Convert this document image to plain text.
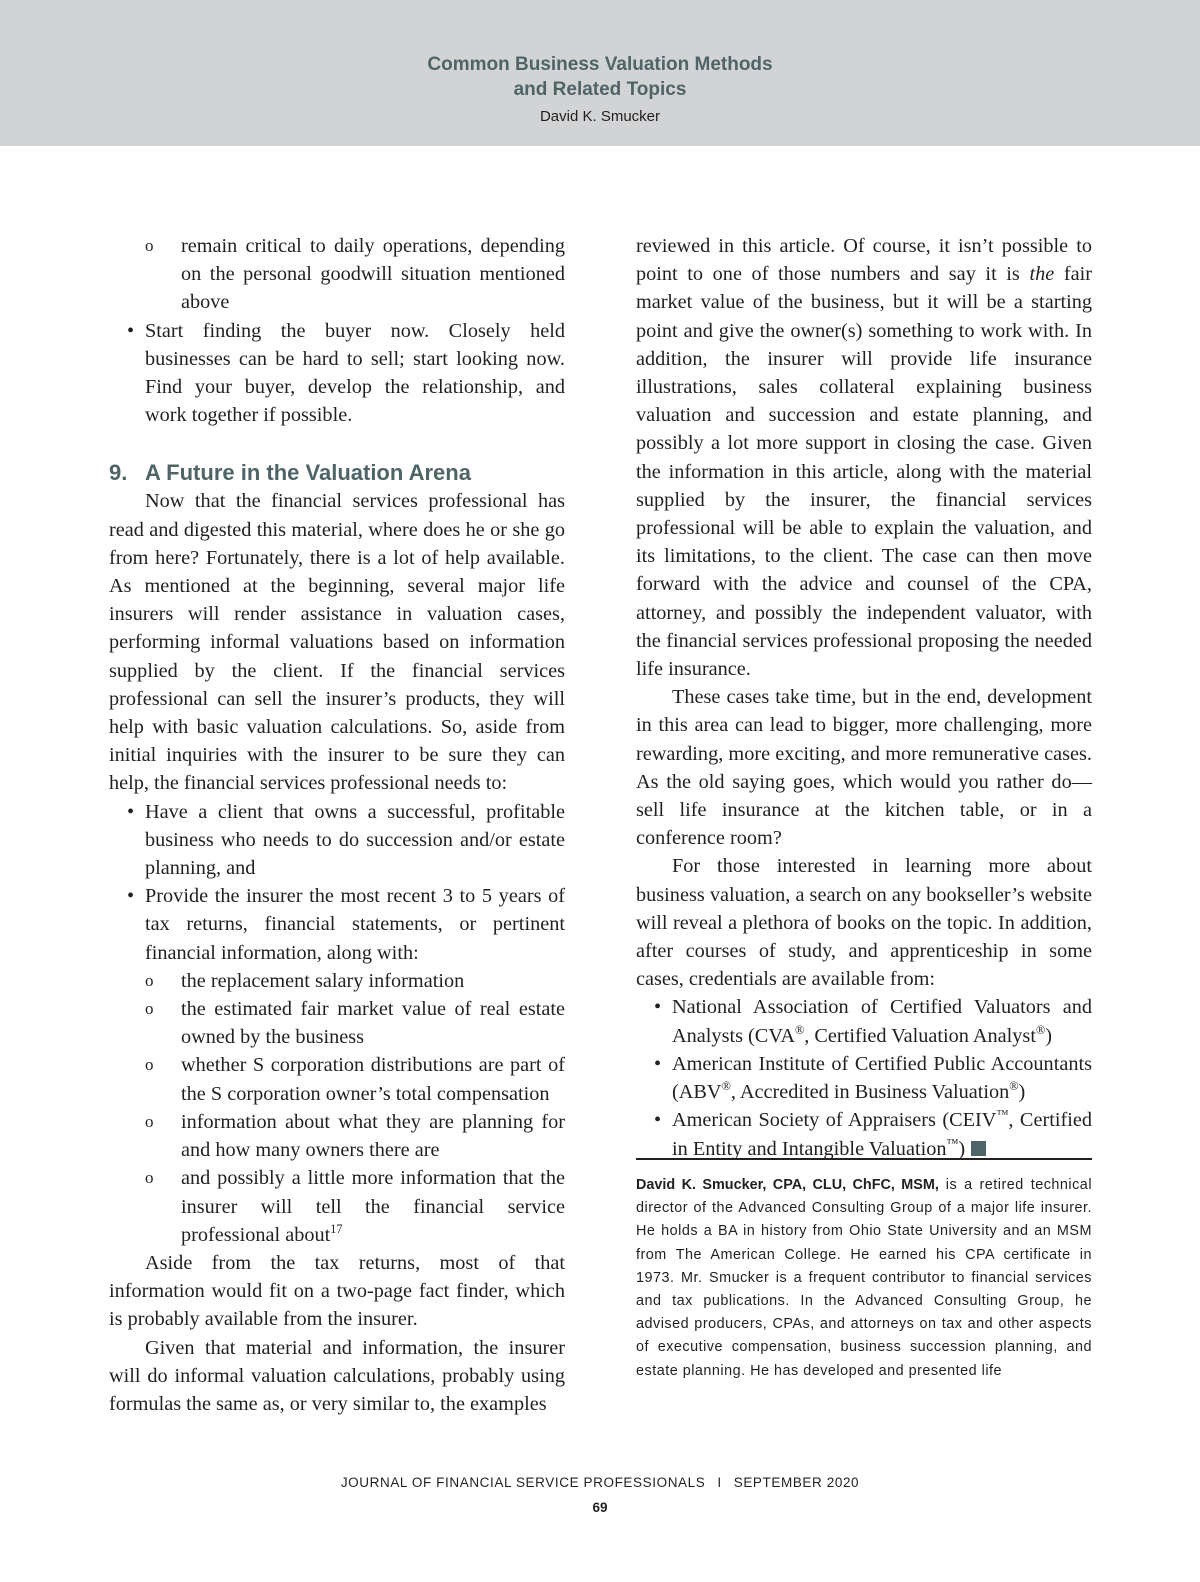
Common Business Valuation Methods
and Related Topics
David K. Smucker
o remain critical to daily operations, depending on the personal goodwill situation mentioned above
• Start finding the buyer now. Closely held businesses can be hard to sell; start looking now. Find your buyer, develop the relationship, and work together if possible.
9. A Future in the Valuation Arena

Now that the financial services professional has read and digested this material, where does he or she go from here? Fortunately, there is a lot of help available. As mentioned at the beginning, several major life insurers will render assistance in valuation cases, performing informal valuations based on information supplied by the client. If the financial services professional can sell the insurer’s products, they will help with basic valuation calculations. So, aside from initial inquiries with the insurer to be sure they can help, the financial services professional needs to:

• Have a client that owns a successful, profitable business who needs to do succession and/or estate planning, and
• Provide the insurer the most recent 3 to 5 years of tax returns, financial statements, or pertinent financial information, along with:
o the replacement salary information
o the estimated fair market value of real estate owned by the business
o whether S corporation distributions are part of the S corporation owner’s total compensation
o information about what they are planning for and how many owners there are
o and possibly a little more information that the insurer will tell the financial service professional about$^{17}$

Aside from the tax returns, most of that information would fit on a two-page fact finder, which is probably available from the insurer.

Given that material and information, the insurer will do informal valuation calculations, probably using formulas the same as, or very similar to, the examples

reviewed in this article. Of course, it isn’t possible to point to one of those numbers and say it is the fair market value of the business, but it will be a starting point and give the owner(s) something to work with. In addition, the insurer will provide life insurance illustrations, sales collateral explaining business valuation and succession and estate planning, and possibly a lot more support in closing the case. Given the information in this article, along with the material supplied by the insurer, the financial services professional will be able to explain the valuation, and its limitations, to the client. The case can then move forward with the advice and counsel of the CPA, attorney, and possibly the independent valuator, with the financial services professional proposing the needed life insurance.

These cases take time, but in the end, development in this area can lead to bigger, more challenging, more rewarding, more exciting, and more remunerative cases. As the old saying goes, which would you rather do—sell life insurance at the kitchen table, or in a conference room?

For those interested in learning more about business valuation, a search on any bookseller’s website will reveal a plethora of books on the topic. In addition, after courses of study, and apprenticeship in some cases, credentials are available from:

• National Association of Certified Valuators and Analysts (CVA®, Certified Valuation Analyst®)
• American Institute of Certified Public Accountants (ABV®, Accredited in Business Valuation®)
• American Society of Appraisers (CEIV™, Certified in Entity and Intangible Valuation™)

David K. Smucker, CPA, CLU, ChFC, MSM, is a retired technical director of the Advanced Consulting Group of a major life insurer. He holds a BA in history from Ohio State University and an MSM from The American College. He earned his CPA certificate in 1973. Mr. Smucker is a frequent contributor to financial services and tax publications. In the Advanced Consulting Group, he advised producers, CPAs, and attorneys on tax and other aspects of executive compensation, business succession planning, and estate planning. He has developed and presented life

JOURNAL OF FINANCIAL SERVICE PROFESSIONALS I SEPTEMBER 2020
69
